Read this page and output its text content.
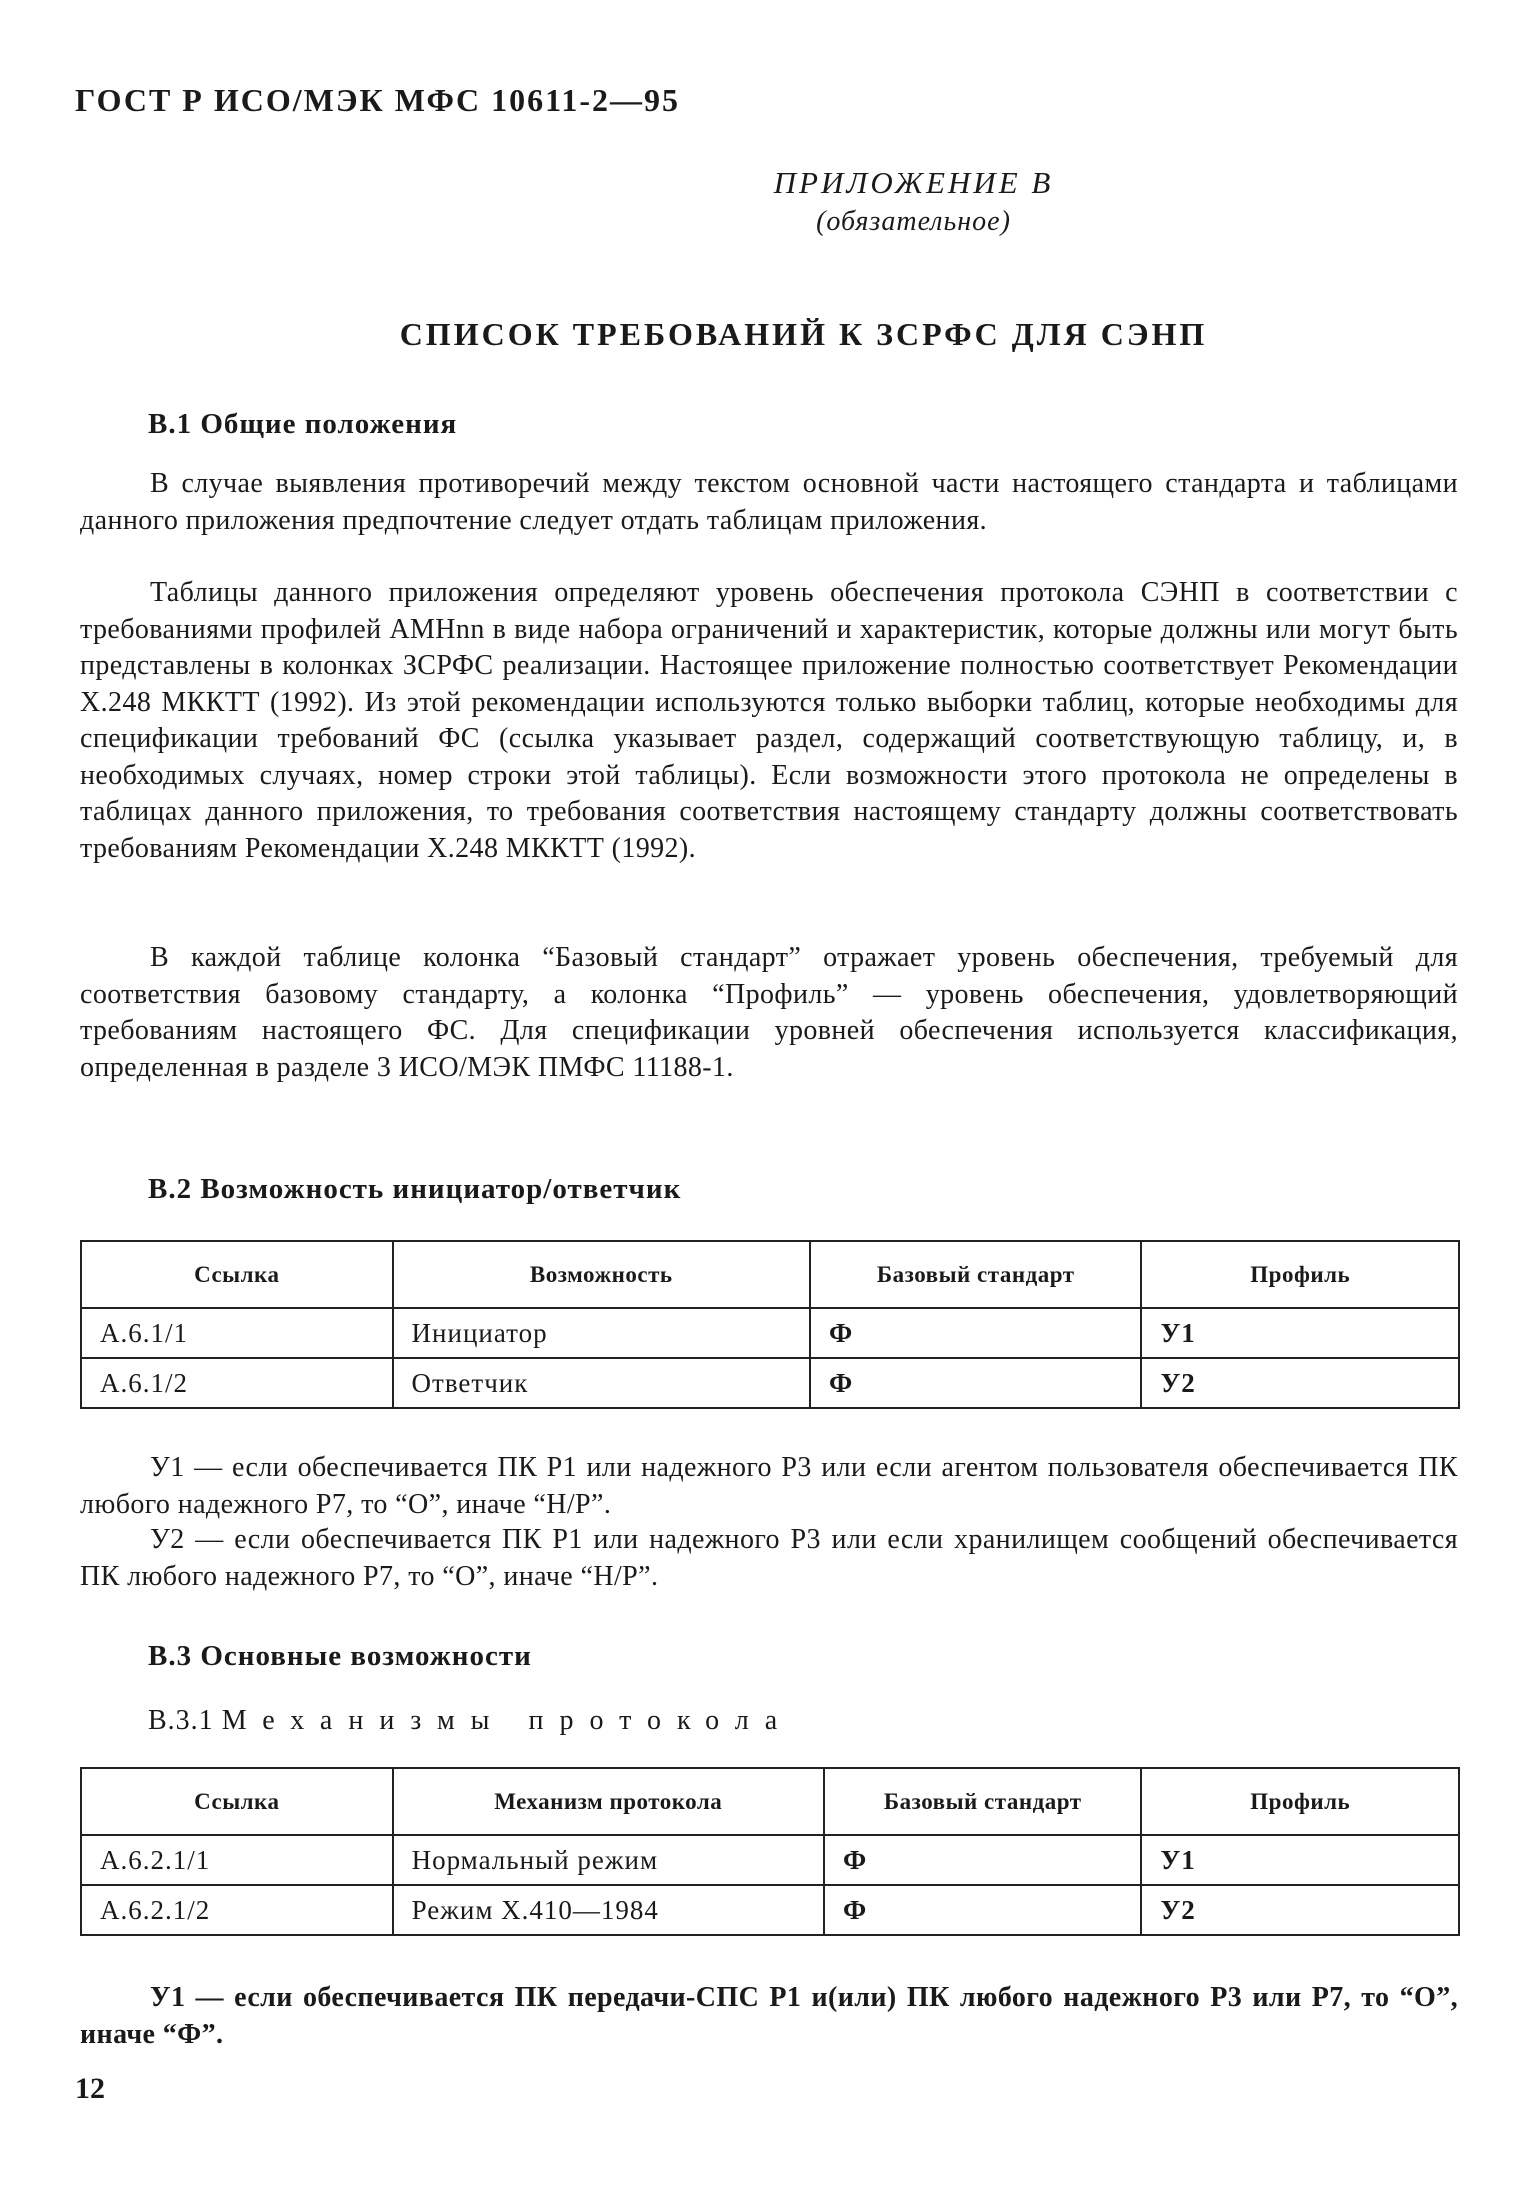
ГОСТ Р ИСО/МЭК МФС 10611-2—95
ПРИЛОЖЕНИЕ В
(обязательное)
СПИСОК ТРЕБОВАНИЙ К ЗСРФС ДЛЯ СЭНП
В.1 Общие положения
В случае выявления противоречий между текстом основной части настоящего стандарта и таблицами данного приложения предпочтение следует отдать таблицам приложения.
Таблицы данного приложения определяют уровень обеспечения протокола СЭНП в соответствии с требованиями профилей AMHnn в виде набора ограничений и характеристик, которые должны или могут быть представлены в колонках ЗСРФС реализации. Настоящее приложение полностью соответствует Рекомендации X.248 МККТТ (1992). Из этой рекомендации используются только выборки таблиц, которые необходимы для спецификации требований ФС (ссылка указывает раздел, содержащий соответствующую таблицу, и, в необходимых случаях, номер строки этой таблицы). Если возможности этого протокола не определены в таблицах данного приложения, то требования соответствия настоящему стандарту должны соответствовать требованиям Рекомендации X.248 МККТТ (1992).
В каждой таблице колонка “Базовый стандарт” отражает уровень обеспечения, требуемый для соответствия базовому стандарту, а колонка “Профиль” — уровень обеспечения, удовлетворяющий требованиям настоящего ФС. Для спецификации уровней обеспечения используется классификация, определенная в разделе 3 ИСО/МЭК ПМФС 11188-1.
В.2 Возможность инициатор/ответчик
Ссылка	Возможность	Базовый стандарт	Профиль
A.6.1/1	Инициатор	Ф	У1
A.6.1/2	Ответчик	Ф	У2
У1 — если обеспечивается ПК Р1 или надежного Р3 или если агентом пользователя обеспечивается ПК любого надежного Р7, то “О”, иначе “Н/Р”.
У2 — если обеспечивается ПК Р1 или надежного Р3 или если хранилищем сообщений обеспечивается ПК любого надежного Р7, то “О”, иначе “Н/Р”.
В.3 Основные возможности
В.3.1 Механизмы протокола
Ссылка	Механизм протокола	Базовый стандарт	Профиль
A.6.2.1/1	Нормальный режим	Ф	У1
A.6.2.1/2	Режим X.410—1984	Ф	У2
У1 — если обеспечивается ПК передачи-СПС Р1 и(или) ПК любого надежного Р3 или Р7, то “О”, иначе “Ф”.
12
